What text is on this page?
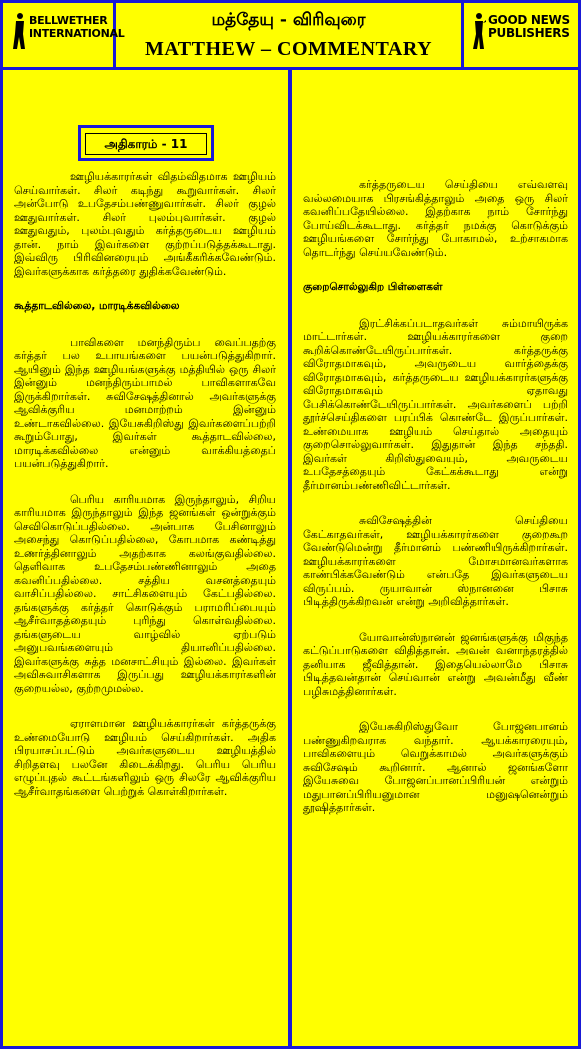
BELLWETHER INTERNATIONAL
மத்தேயு - விரிவுரை
MATTHEW – COMMENTARY
GOOD NEWS PUBLISHERS
அதிகாரம் - 11

ஊழியக்காரர்கள் விதம்விதமாக ஊழியம் செய்வார்கள். சிலர் கடிந்து கூறுவார்கள். சிலர் அன்போடு உபதேசம்பண்ணுவார்கள். சிலர் குழல் ஊதுவார்கள். சிலர் புலம்புவார்கள். குழல் ஊதுவதும், புலம்புவதும் கர்த்தருடைய ஊழியம் தான். நாம் இவர்களை குற்றப்படுத்தக்கூடாது. இவ்விரு பிரிவினரையும் அங்கீகரிக்கவேண்டும். இவர்களுக்காக கர்த்தரை துதிக்கவேண்டும்.

கூத்தாடவில்லை, மாரடிக்கவில்லை

பாவிகளை மனந்திரும்ப வைப்பதற்கு கர்த்தர் பல உபாயங்களை பயன்படுத்துகிறார். ஆயினும் இந்த ஊழியங்களுக்கு மத்தியில் ஒரு சிலர் இன்னும் மனந்திரும்பாமல் பாவிகளாகவே இருக்கிறார்கள். சுவிசேஷத்தினால் அவர்களுக்கு ஆவிக்குரிய மனமாற்றம் இன்னும் உண்டாகவில்லை. இயேசுகிறிஸ்து இவர்களைப்பற்றி கூறும்போது, இவர்கள் கூத்தாடவில்லை, மாரடிக்கவில்லை என்னும் வாக்கியத்தைப் பயன்படுத்துகிறார்.

பெரிய காரியமாக இருந்தாலும், சிறிய காரியமாக இருந்தாலும் இந்த ஜனங்கள் ஒன்றுக்கும் செவிகொடுப்பதில்லை. அன்பாக பேசினாலும் அசைந்து கொடுப்பதில்லை, கோபமாக கண்டித்து உணர்த்தினாலும் அதற்காக கலங்குவதில்லை. தெளிவாக உபதேசம்பண்ணினாலும் அதை கவனிப்பதில்லை. சத்திய வசனத்தையும் வாசிப்பதில்லை. சாட்சிகளையும் கேட்பதில்லை. தங்களுக்கு கர்த்தர் கொடுக்கும் பராமரிப்பையும் ஆசீர்வாதத்தையும் புரிந்து கொள்வதில்லை. தங்களுடைய வாழ்வில் ஏற்படும் அனுபவங்களையும் தியானிப்பதில்லை. இவர்களுக்கு சுத்த மனசாட்சியும் இல்லை. இவர்கள் அவிசுவாசிகளாக இருப்பது ஊழியக்காரர்களின் குறையல்ல, குற்றமுமல்ல.

ஏராளமான ஊழியக்காரர்கள் கர்த்தருக்கு உண்மையோடு ஊழியம் செய்கிறார்கள். அதிக பிரயாசப்பட்டும் அவர்களுடைய ஊழியத்தில் சிறிதளவு பலனே கிடைக்கிறது. பெரிய பெரிய எழுப்புதல் கூட்டங்களிலும் ஒரு சிலரே ஆவிக்குரிய ஆசீர்வாதங்களை பெற்றுக் கொள்கிறார்கள்.

கர்த்தருடைய செய்தியை எவ்வளவு வல்லமையாக பிரசங்கித்தாலும் அதை ஒரு சிலர் கவனிப்பதேயில்லை. இதற்காக நாம் சோர்ந்து போய்விடக்கூடாது. கர்த்தர் நமக்கு கொடுக்கும் ஊழியங்களை சோர்ந்து போகாமல், உற்சாகமாக தொடர்ந்து செய்யவேண்டும்.

குறைசொல்லுகிற பிள்ளைகள்

இரட்சிக்கப்படாதவர்கள் சும்மாயிருக்க மாட்டார்கள். ஊழியக்காரர்களை குறை கூறிக்கொண்டேயிருப்பார்கள். கர்த்தருக்கு விரோதமாகவும், அவருடைய வார்த்தைக்கு விரோதமாகவும், கர்த்தருடைய ஊழியக்காரர்களுக்கு விரோதமாகவும் ஏதாவது பேசிக்கொண்டேயிருப்பார்கள். அவர்களைப் பற்றி தூர்ச்செய்திகளை பரப்பிக் கொண்டே இருப்பார்கள். உண்மையாக ஊழியம் செய்தால் அதையும் குறைசொல்லுவார்கள். இதுதான் இந்த சந்ததி. இவர்கள் கிறிஸ்துவையும், அவருடைய உபதேசத்தையும் கேட்கக்கூடாது என்று தீர்மானம்பண்ணிவிட்டார்கள்.

சுவிசேஷத்தின் செய்தியை கேட்காதவர்கள், ஊழியக்காரர்களை குறைகூற வேண்டுமென்று தீர்மானம் பண்ணியிருக்கிறார்கள். ஊழியக்காரர்களை மோசமானவர்களாக காண்பிக்கவேண்டும் என்பதே இவர்களுடைய விருப்பம். ருயாவான் ஸ்நானனை பிசாசு பிடித்திருக்கிறவன் என்று அறிவித்தார்கள்.

யோவான்ஸ்நானன் ஜனங்களுக்கு மிகுந்த கட்டுப்பாடுகளை விதித்தான். அவன் வனாந்தரத்தில் தனியாக ஜீவித்தான். இதையெல்லாமே பிசாசு பிடித்தவன்தான் செய்வான் என்று அவன்மீது வீண் பழிசுமத்தினார்கள்.

இயேசுகிறிஸ்துவோ போஜனபானம் பண்ணுகிறவராக வந்தார். ஆயக்காரரையும், பாவிகளையும் வெறுக்காமல் அவர்களுக்கும் சுவிசேஷம் கூறினார். ஆனால் ஜனங்களோ இயேசுவை போஜனப்பானப்பிரியன் என்றும் மதுபானப்பிரியனுமான மனுஷனென்றும் தூஷித்தார்கள்.
